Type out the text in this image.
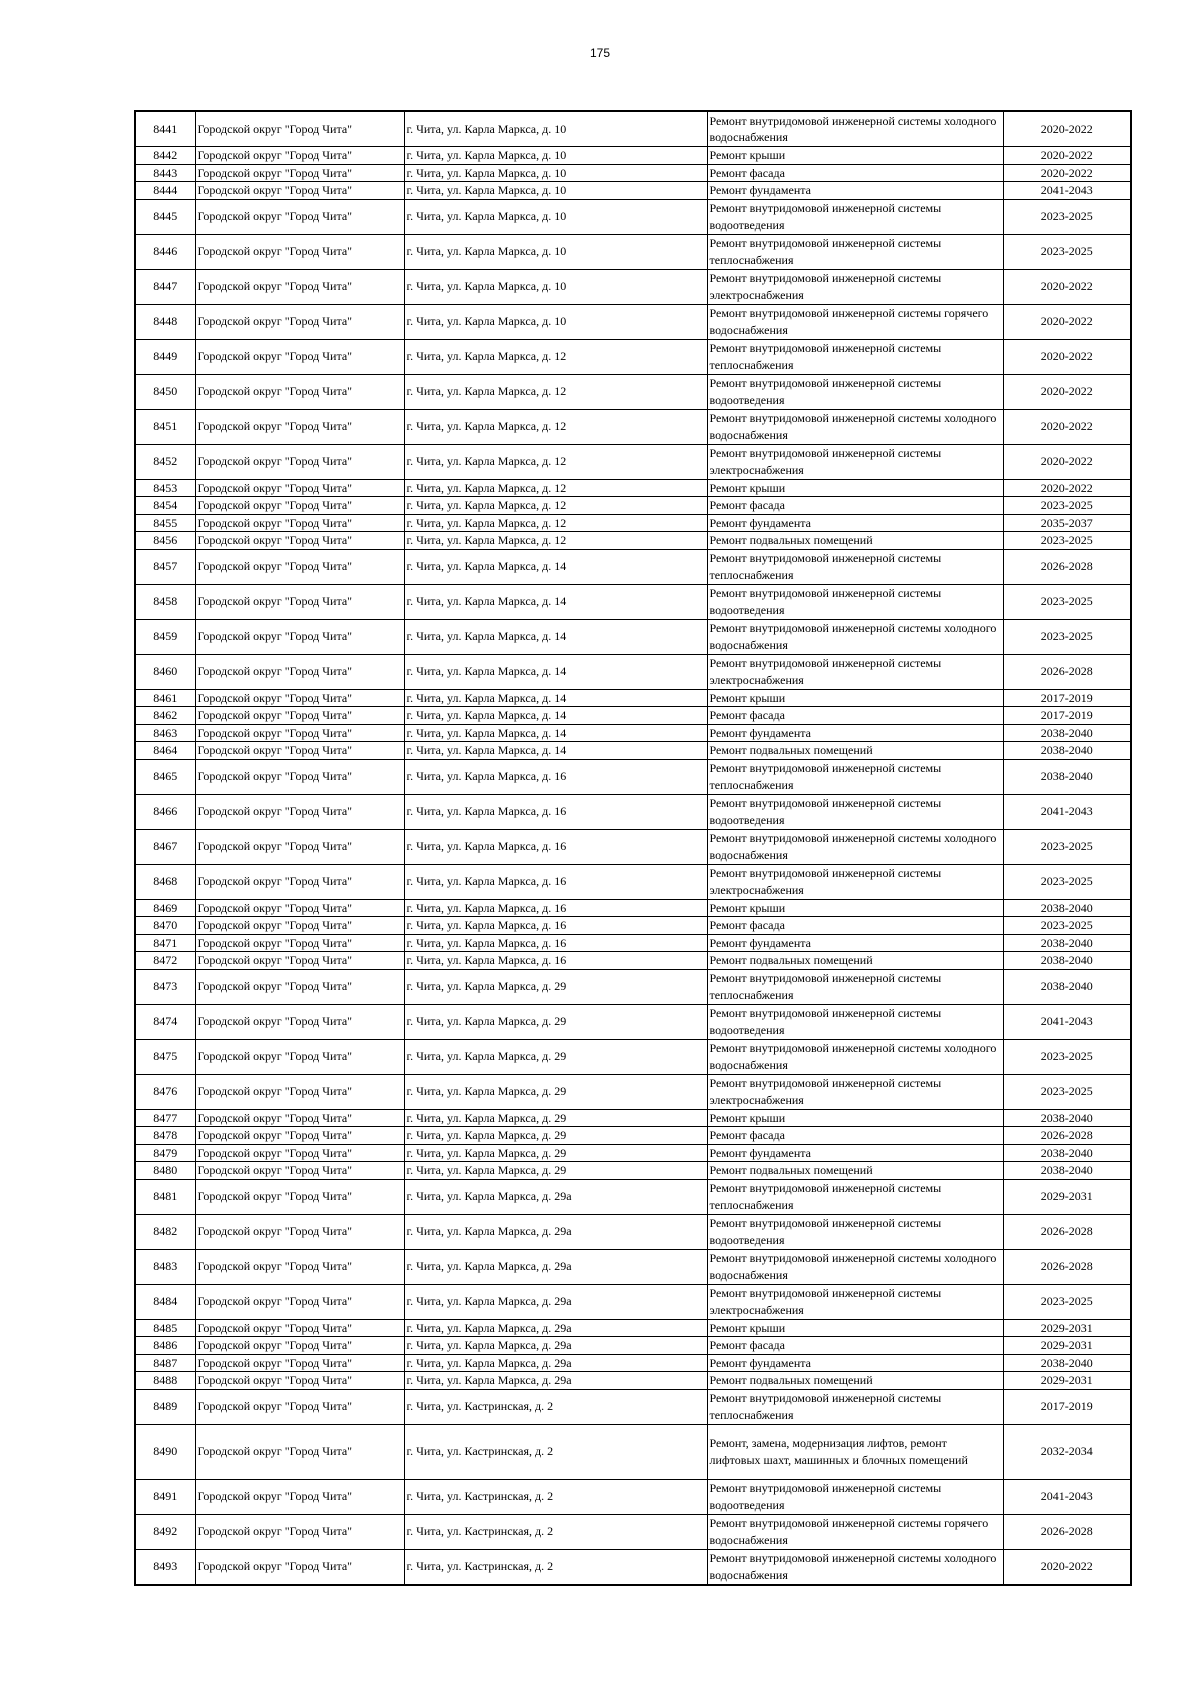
175
8441	Городской округ "Город Чита"	г. Чита, ул. Карла Маркса, д. 10	Ремонт внутридомовой инженерной системы холодного водоснабжения	2020-2022
8442	Городской округ "Город Чита"	г. Чита, ул. Карла Маркса, д. 10	Ремонт крыши	2020-2022
8443	Городской округ "Город Чита"	г. Чита, ул. Карла Маркса, д. 10	Ремонт фасада	2020-2022
8444	Городской округ "Город Чита"	г. Чита, ул. Карла Маркса, д. 10	Ремонт фундамента	2041-2043
8445	Городской округ "Город Чита"	г. Чита, ул. Карла Маркса, д. 10	Ремонт внутридомовой инженерной системы водоотведения	2023-2025
8446	Городской округ "Город Чита"	г. Чита, ул. Карла Маркса, д. 10	Ремонт внутридомовой инженерной системы теплоснабжения	2023-2025
8447	Городской округ "Город Чита"	г. Чита, ул. Карла Маркса, д. 10	Ремонт внутридомовой инженерной системы электроснабжения	2020-2022
8448	Городской округ "Город Чита"	г. Чита, ул. Карла Маркса, д. 10	Ремонт внутридомовой инженерной системы горячего водоснабжения	2020-2022
8449	Городской округ "Город Чита"	г. Чита, ул. Карла Маркса, д. 12	Ремонт внутридомовой инженерной системы теплоснабжения	2020-2022
8450	Городской округ "Город Чита"	г. Чита, ул. Карла Маркса, д. 12	Ремонт внутридомовой инженерной системы водоотведения	2020-2022
8451	Городской округ "Город Чита"	г. Чита, ул. Карла Маркса, д. 12	Ремонт внутридомовой инженерной системы холодного водоснабжения	2020-2022
8452	Городской округ "Город Чита"	г. Чита, ул. Карла Маркса, д. 12	Ремонт внутридомовой инженерной системы электроснабжения	2020-2022
8453	Городской округ "Город Чита"	г. Чита, ул. Карла Маркса, д. 12	Ремонт крыши	2020-2022
8454	Городской округ "Город Чита"	г. Чита, ул. Карла Маркса, д. 12	Ремонт фасада	2023-2025
8455	Городской округ "Город Чита"	г. Чита, ул. Карла Маркса, д. 12	Ремонт фундамента	2035-2037
8456	Городской округ "Город Чита"	г. Чита, ул. Карла Маркса, д. 12	Ремонт подвальных помещений	2023-2025
8457	Городской округ "Город Чита"	г. Чита, ул. Карла Маркса, д. 14	Ремонт внутридомовой инженерной системы теплоснабжения	2026-2028
8458	Городской округ "Город Чита"	г. Чита, ул. Карла Маркса, д. 14	Ремонт внутридомовой инженерной системы водоотведения	2023-2025
8459	Городской округ "Город Чита"	г. Чита, ул. Карла Маркса, д. 14	Ремонт внутридомовой инженерной системы холодного водоснабжения	2023-2025
8460	Городской округ "Город Чита"	г. Чита, ул. Карла Маркса, д. 14	Ремонт внутридомовой инженерной системы электроснабжения	2026-2028
8461	Городской округ "Город Чита"	г. Чита, ул. Карла Маркса, д. 14	Ремонт крыши	2017-2019
8462	Городской округ "Город Чита"	г. Чита, ул. Карла Маркса, д. 14	Ремонт фасада	2017-2019
8463	Городской округ "Город Чита"	г. Чита, ул. Карла Маркса, д. 14	Ремонт фундамента	2038-2040
8464	Городской округ "Город Чита"	г. Чита, ул. Карла Маркса, д. 14	Ремонт подвальных помещений	2038-2040
8465	Городской округ "Город Чита"	г. Чита, ул. Карла Маркса, д. 16	Ремонт внутридомовой инженерной системы теплоснабжения	2038-2040
8466	Городской округ "Город Чита"	г. Чита, ул. Карла Маркса, д. 16	Ремонт внутридомовой инженерной системы водоотведения	2041-2043
8467	Городской округ "Город Чита"	г. Чита, ул. Карла Маркса, д. 16	Ремонт внутридомовой инженерной системы холодного водоснабжения	2023-2025
8468	Городской округ "Город Чита"	г. Чита, ул. Карла Маркса, д. 16	Ремонт внутридомовой инженерной системы электроснабжения	2023-2025
8469	Городской округ "Город Чита"	г. Чита, ул. Карла Маркса, д. 16	Ремонт крыши	2038-2040
8470	Городской округ "Город Чита"	г. Чита, ул. Карла Маркса, д. 16	Ремонт фасада	2023-2025
8471	Городской округ "Город Чита"	г. Чита, ул. Карла Маркса, д. 16	Ремонт фундамента	2038-2040
8472	Городской округ "Город Чита"	г. Чита, ул. Карла Маркса, д. 16	Ремонт подвальных помещений	2038-2040
8473	Городской округ "Город Чита"	г. Чита, ул. Карла Маркса, д. 29	Ремонт внутридомовой инженерной системы теплоснабжения	2038-2040
8474	Городской округ "Город Чита"	г. Чита, ул. Карла Маркса, д. 29	Ремонт внутридомовой инженерной системы водоотведения	2041-2043
8475	Городской округ "Город Чита"	г. Чита, ул. Карла Маркса, д. 29	Ремонт внутридомовой инженерной системы холодного водоснабжения	2023-2025
8476	Городской округ "Город Чита"	г. Чита, ул. Карла Маркса, д. 29	Ремонт внутридомовой инженерной системы электроснабжения	2023-2025
8477	Городской округ "Город Чита"	г. Чита, ул. Карла Маркса, д. 29	Ремонт крыши	2038-2040
8478	Городской округ "Город Чита"	г. Чита, ул. Карла Маркса, д. 29	Ремонт фасада	2026-2028
8479	Городской округ "Город Чита"	г. Чита, ул. Карла Маркса, д. 29	Ремонт фундамента	2038-2040
8480	Городской округ "Город Чита"	г. Чита, ул. Карла Маркса, д. 29	Ремонт подвальных помещений	2038-2040
8481	Городской округ "Город Чита"	г. Чита, ул. Карла Маркса, д. 29а	Ремонт внутридомовой инженерной системы теплоснабжения	2029-2031
8482	Городской округ "Город Чита"	г. Чита, ул. Карла Маркса, д. 29а	Ремонт внутридомовой инженерной системы водоотведения	2026-2028
8483	Городской округ "Город Чита"	г. Чита, ул. Карла Маркса, д. 29а	Ремонт внутридомовой инженерной системы холодного водоснабжения	2026-2028
8484	Городской округ "Город Чита"	г. Чита, ул. Карла Маркса, д. 29а	Ремонт внутридомовой инженерной системы электроснабжения	2023-2025
8485	Городской округ "Город Чита"	г. Чита, ул. Карла Маркса, д. 29а	Ремонт крыши	2029-2031
8486	Городской округ "Город Чита"	г. Чита, ул. Карла Маркса, д. 29а	Ремонт фасада	2029-2031
8487	Городской округ "Город Чита"	г. Чита, ул. Карла Маркса, д. 29а	Ремонт фундамента	2038-2040
8488	Городской округ "Город Чита"	г. Чита, ул. Карла Маркса, д. 29а	Ремонт подвальных помещений	2029-2031
8489	Городской округ "Город Чита"	г. Чита, ул. Кастринская, д. 2	Ремонт внутридомовой инженерной системы теплоснабжения	2017-2019
8490	Городской округ "Город Чита"	г. Чита, ул. Кастринская, д. 2	Ремонт, замена, модернизация лифтов, ремонт лифтовых шахт, машинных и блочных помещений	2032-2034
8491	Городской округ "Город Чита"	г. Чита, ул. Кастринская, д. 2	Ремонт внутридомовой инженерной системы водоотведения	2041-2043
8492	Городской округ "Город Чита"	г. Чита, ул. Кастринская, д. 2	Ремонт внутридомовой инженерной системы горячего водоснабжения	2026-2028
8493	Городской округ "Город Чита"	г. Чита, ул. Кастринская, д. 2	Ремонт внутридомовой инженерной системы холодного водоснабжения	2020-2022
